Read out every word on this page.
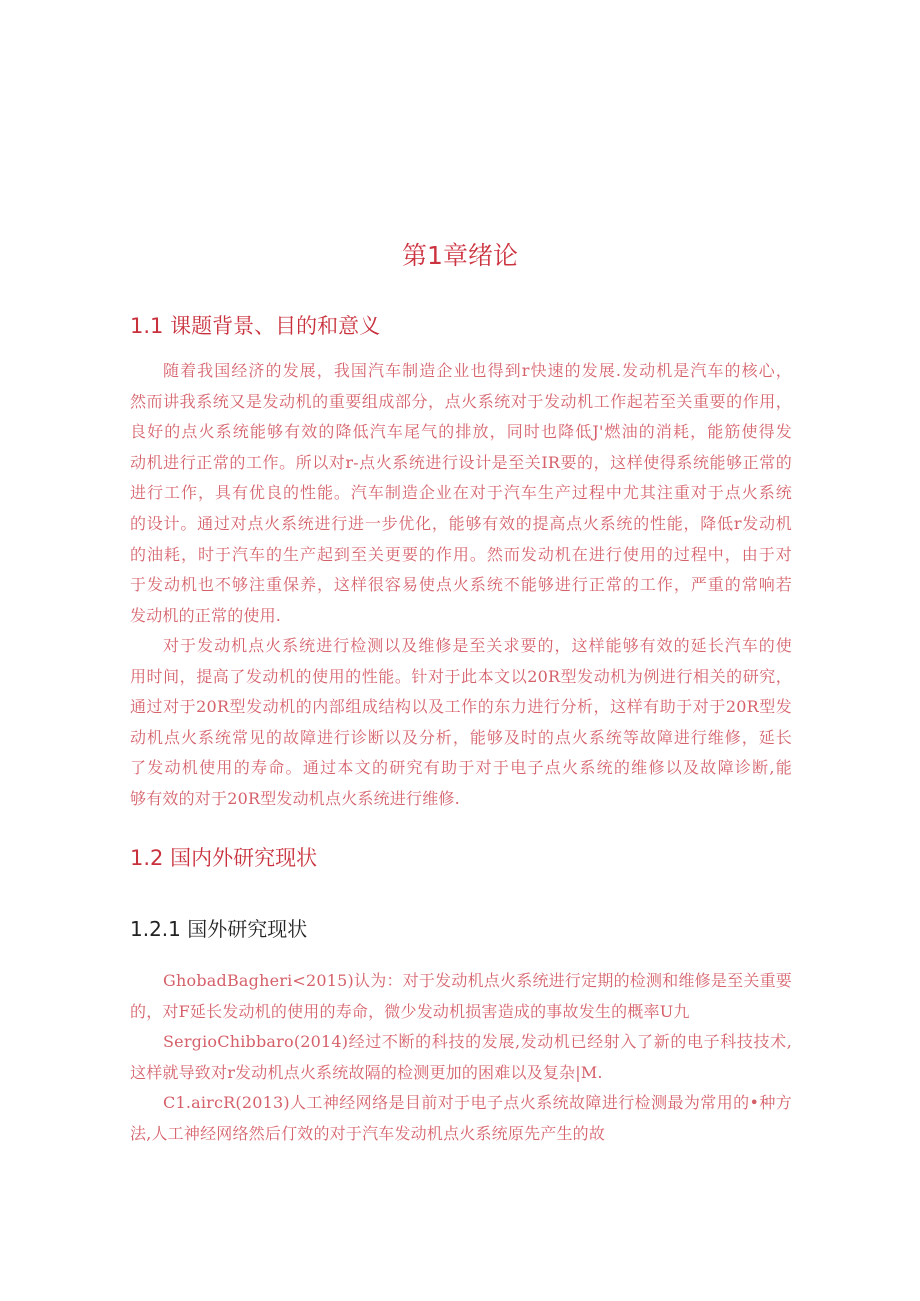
第1章绪论
1.1 课题背景、目的和意义
随着我国经济的发展，我国汽车制造企业也得到r快速的发展.发动机是汽车的核心，
然而讲我系统又是发动机的重要组成部分，点火系统对于发动机工作起若至关重要的作用，
良好的点火系统能够有效的降低汽车尾气的排放，同时也降低J'燃油的消耗，能筋使得发
动机进行正常的工作。所以对r-点火系统进行设计是至关IR要的，这样使得系统能够正常的
进行工作，具有优良的性能。汽车制造企业在对于汽车生产过程中尤其注重对于点火系统
的设计。通过对点火系统进行进一步优化，能够有效的提高点火系统的性能，降低r发动机
的油耗，时于汽车的生产起到至关更要的作用。然而发动机在进行使用的过程中，由于对
于发动机也不够注重保养，这样很容易使点火系统不能够进行正常的工作，严重的常响若
发动机的正常的使用.
对于发动机点火系统进行检测以及维修是至关求要的，这样能够有效的延长汽车的使
用时间，提高了发动机的使用的性能。针对于此本文以20R型发动机为例进行相关的研究，
通过对于20R型发动机的内部组成结构以及工作的东力进行分析，这样有助于对于20R型发
动机点火系统常见的故障进行诊断以及分析，能够及时的点火系统等故障进行维修，延长
了发动机使用的寿命。通过本文的研究有助于对于电子点火系统的维修以及故障诊断,能
够有效的对于20R型发动机点火系统进行维修.
1.2 国内外研究现状
1.2.1 国外研究现状
GhobadBagheri<2015)认为：对于发动机点火系统进行定期的检测和维修是至关重要
的，对F延长发动机的使用的寿命，微少发动机损害造成的事故发生的概率U九
SergioChibbaro(2014)经过不断的科技的发展,发动机已经射入了新的电子科技技术,
这样就导致对r发动机点火系统故隔的检测更加的困难以及复杂|M.
C1.aircR(2013)人工神经网络是目前对于电子点火系统故障进行检测最为常用的•种方
法,人工神经网络然后仃效的对于汽车发动机点火系统原先产生的故
